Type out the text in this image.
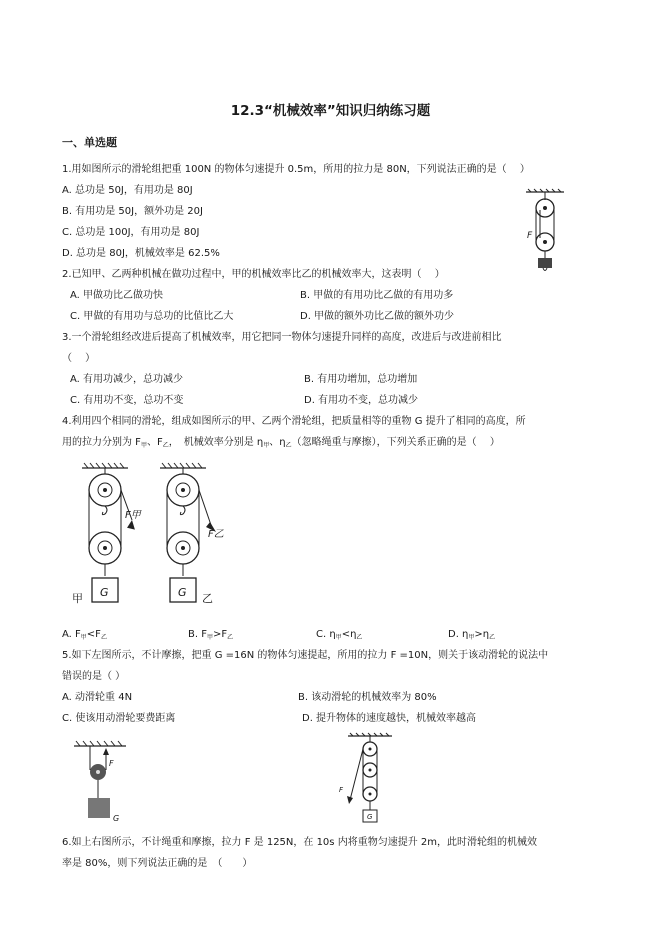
12.3“机械效率”知识归纳练习题
一、单选题
1.用如图所示的滑轮组把重 100N 的物体匀速提升 0.5m，所用的拉力是 80N，下列说法正确的是（　 ）
A. 总功是 50J，有用功是 80J
B. 有用功是 50J，额外功是 20J
C. 总功是 100J，有用功是 80J
D. 总功是 80J，机械效率是 62.5%
F
2.已知甲、乙两种机械在做功过程中，甲的机械效率比乙的机械效率大，这表明（　 ）
A. 甲做功比乙做功快	B. 甲做的有用功比乙做的有用功多
C. 甲做的有用功与总功的比值比乙大	D. 甲做的额外功比乙做的额外功少
3.一个滑轮组经改进后提高了机械效率，用它把同一物体匀速提升同样的高度，改进后与改进前相比
（　 ）
A. 有用功减少，总功减少	B. 有用功增加，总功增加
C. 有用功不变，总功不变	D. 有用功不变，总功减少
4.利用四个相同的滑轮，组成如图所示的甲、乙两个滑轮组，把质量相等的重物 G 提升了相同的高度，所
用的拉力分别为 $F_甲$、$F_乙$，　机械效率分别是 $\eta_甲$、$\eta_乙$（忽略绳重与摩擦），下列关系正确的是（　 ）
F甲
F乙
G	G
甲	乙
A. $F_甲<F_乙$	B. $F_甲>F_乙$	C. $\eta_甲<\eta_乙$	D. $\eta_甲>\eta_乙$
5.如下左图所示，不计摩擦，把重 G =16N 的物体匀速提起，所用的拉力 F =10N，则关于该动滑轮的说法中
错误的是（ ）
A. 动滑轮重 4N	B. 该动滑轮的机械效率为 80%
C. 使该用动滑轮要费距离	D. 提升物体的速度越快，机械效率越高
F
G
F
G
6.如上右图所示，不计绳重和摩擦，拉力 F 是 125N，在 10s 内将重物匀速提升 2m，此时滑轮组的机械效
率是 80%，则下列说法正确的是　（　　）
